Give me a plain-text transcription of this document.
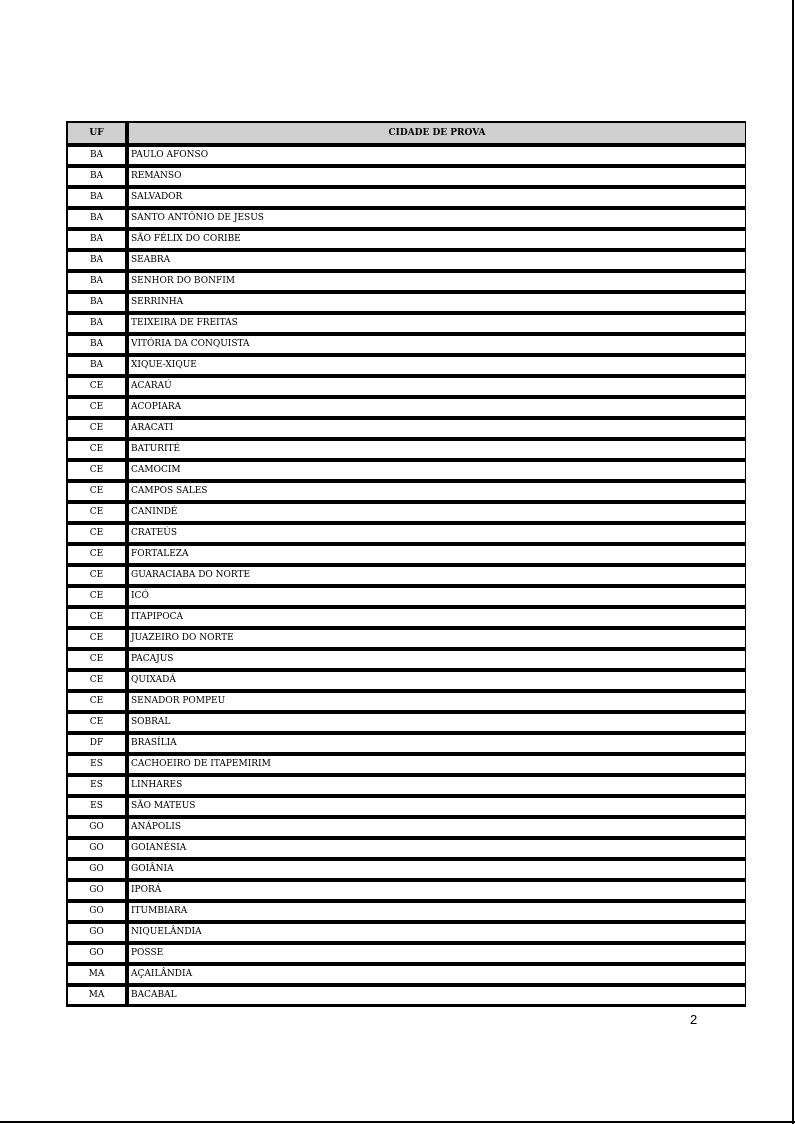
UF	CIDADE DE PROVA
BA	PAULO AFONSO
BA	REMANSO
BA	SALVADOR
BA	SANTO ANTÔNIO DE JESUS
BA	SÃO FÉLIX DO CORIBE
BA	SEABRA
BA	SENHOR DO BONFIM
BA	SERRINHA
BA	TEIXEIRA DE FREITAS
BA	VITÓRIA DA CONQUISTA
BA	XIQUE-XIQUE
CE	ACARAÚ
CE	ACOPIARA
CE	ARACATI
CE	BATURITÉ
CE	CAMOCIM
CE	CAMPOS SALES
CE	CANINDÉ
CE	CRATEÚS
CE	FORTALEZA
CE	GUARACIABA DO NORTE
CE	ICÓ
CE	ITAPIPOCA
CE	JUAZEIRO DO NORTE
CE	PACAJUS
CE	QUIXADÁ
CE	SENADOR POMPEU
CE	SOBRAL
DF	BRASÍLIA
ES	CACHOEIRO DE ITAPEMIRIM
ES	LINHARES
ES	SÃO MATEUS
GO	ANÁPOLIS
GO	GOIANÉSIA
GO	GOIÂNIA
GO	IPORÁ
GO	ITUMBIARA
GO	NIQUELÂNDIA
GO	POSSE
MA	AÇAILÂNDIA
MA	BACABAL
2
